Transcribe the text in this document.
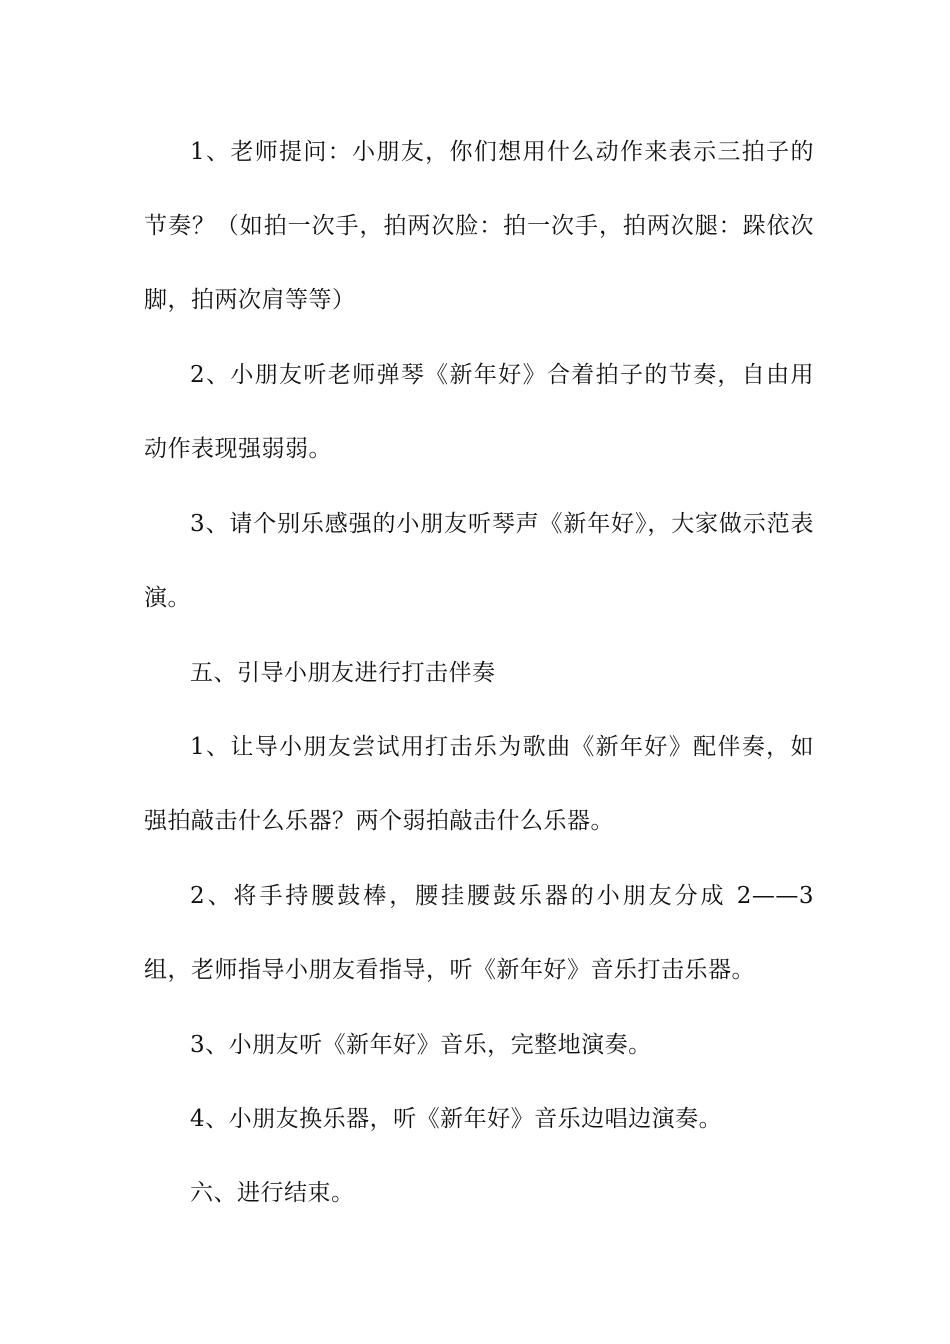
1、老师提问：小朋友，你们想用什么动作来表示三拍子的节奏？（如拍一次手，拍两次脸：拍一次手，拍两次腿：跺依次脚，拍两次肩等等）

2、小朋友听老师弹琴《新年好》合着拍子的节奏，自由用动作表现强弱弱。

3、请个别乐感强的小朋友听琴声《新年好》，大家做示范表演。

五、引导小朋友进行打击伴奏

1、让导小朋友尝试用打击乐为歌曲《新年好》配伴奏，如强拍敲击什么乐器？两个弱拍敲击什么乐器。

2、将手持腰鼓棒，腰挂腰鼓乐器的小朋友分成 2——3 组，老师指导小朋友看指导，听《新年好》音乐打击乐器。

3、小朋友听《新年好》音乐，完整地演奏。

4、小朋友换乐器，听《新年好》音乐边唱边演奏。

六、进行结束。
